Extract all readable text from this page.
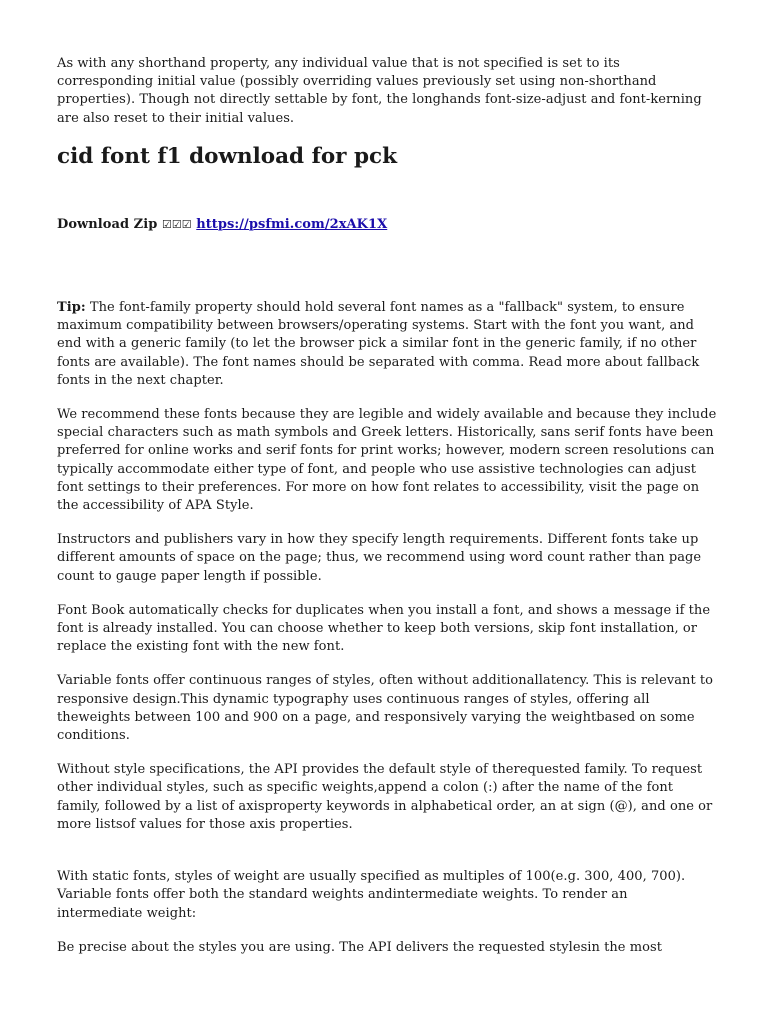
As with any shorthand property, any individual value that is not specified is set to its corresponding initial value (possibly overriding values previously set using non-shorthand properties). Though not directly settable by font, the longhands font-size-adjust and font-kerning are also reset to their initial values.

cid font f1 download for pck

Download Zip ☑☑☑ https://psfmi.com/2xAK1X

Tip: The font-family property should hold several font names as a "fallback" system, to ensure maximum compatibility between browsers/operating systems. Start with the font you want, and end with a generic family (to let the browser pick a similar font in the generic family, if no other fonts are available). The font names should be separated with comma. Read more about fallback fonts in the next chapter.

We recommend these fonts because they are legible and widely available and because they include special characters such as math symbols and Greek letters. Historically, sans serif fonts have been preferred for online works and serif fonts for print works; however, modern screen resolutions can typically accommodate either type of font, and people who use assistive technologies can adjust font settings to their preferences. For more on how font relates to accessibility, visit the page on the accessibility of APA Style.

Instructors and publishers vary in how they specify length requirements. Different fonts take up different amounts of space on the page; thus, we recommend using word count rather than page count to gauge paper length if possible.

Font Book automatically checks for duplicates when you install a font, and shows a message if the font is already installed. You can choose whether to keep both versions, skip font installation, or replace the existing font with the new font.

Variable fonts offer continuous ranges of styles, often without additionallatency. This is relevant to responsive design.This dynamic typography uses continuous ranges of styles, offering all theweights between 100 and 900 on a page, and responsively varying the weightbased on some conditions.

Without style specifications, the API provides the default style of therequested family. To request other individual styles, such as specific weights,append a colon (:) after the name of the font family, followed by a list of axisproperty keywords in alphabetical order, an at sign (@), and one or more listsof values for those axis properties.

With static fonts, styles of weight are usually specified as multiples of 100(e.g. 300, 400, 700). Variable fonts offer both the standard weights andintermediate weights. To render an intermediate weight:

Be precise about the styles you are using. The API delivers the requested stylesin the most
